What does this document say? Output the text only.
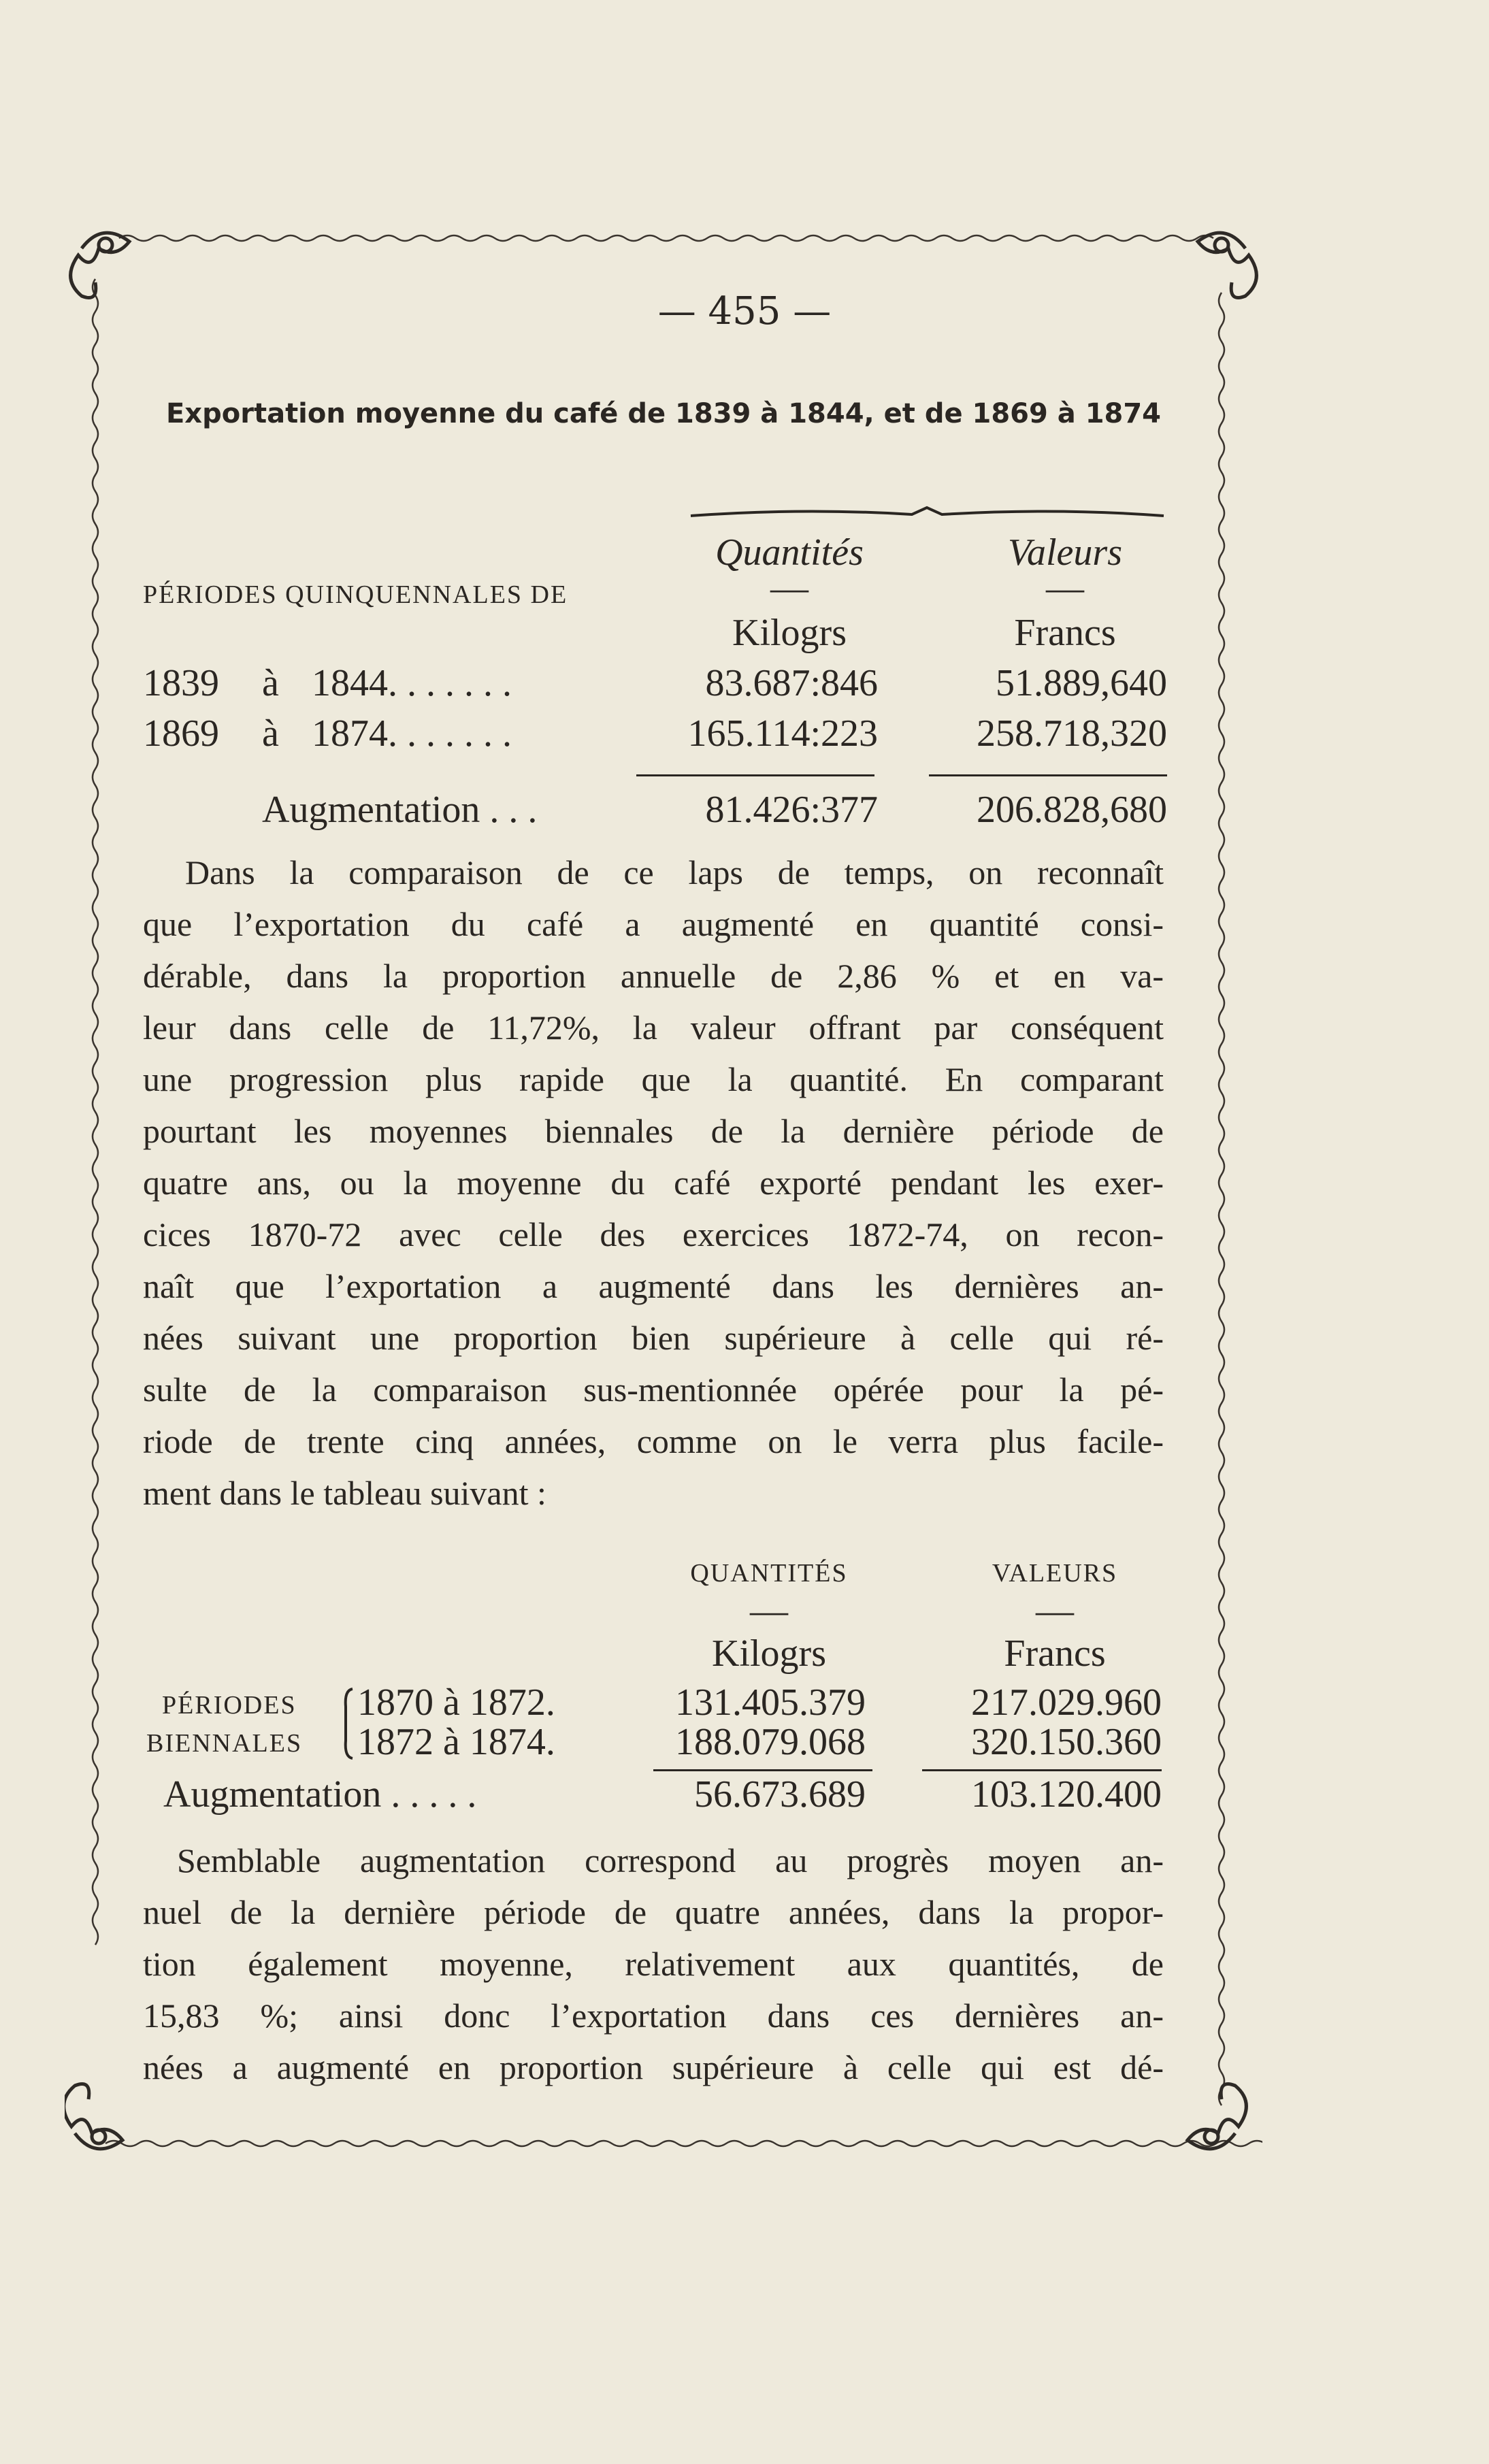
— 455 —
Exportation moyenne du café de 1839 à 1844, et de 1869 à 1874
Quantités	Valeurs
PÉRIODES QUINQUENNALES DE	—	—
Kilogrs	Francs
1839 à 1844. . . . . . .	83.687:846	51.889,640
1869 à 1874. . . . . . .	165.114:223	258.718,320
Augmentation . . .	81.426:377	206.828,680
Dans la comparaison de ce laps de temps, on reconnaît
que l’exportation du café a augmenté en quantité consi-
dérable, dans la proportion annuelle de 2,86 % et en va-
leur dans celle de 11,72%, la valeur offrant par conséquent
une progression plus rapide que la quantité. En comparant
pourtant les moyennes biennales de la dernière période de
quatre ans, ou la moyenne du café exporté pendant les exer-
cices 1870-72 avec celle des exercices 1872-74, on recon-
naît que l’exportation a augmenté dans les dernières an-
nées suivant une proportion bien supérieure à celle qui ré-
sulte de la comparaison sus-mentionnée opérée pour la pé-
riode de trente cinq années, comme on le verra plus facile-
ment dans le tableau suivant :
QUANTITÉS	VALEURS
—	—
Kilogrs	Francs
PÉRIODES
BIENNALES
1870 à 1872.	131.405.379	217.029.960
1872 à 1874.	188.079.068	320.150.360
Augmentation . . . . .	56.673.689	103.120.400
Semblable augmentation correspond au progrès moyen an-
nuel de la dernière période de quatre années, dans la propor-
tion également moyenne, relativement aux quantités, de
15,83 %; ainsi donc l’exportation dans ces dernières an-
nées a augmenté en proportion supérieure à celle qui est dé-
